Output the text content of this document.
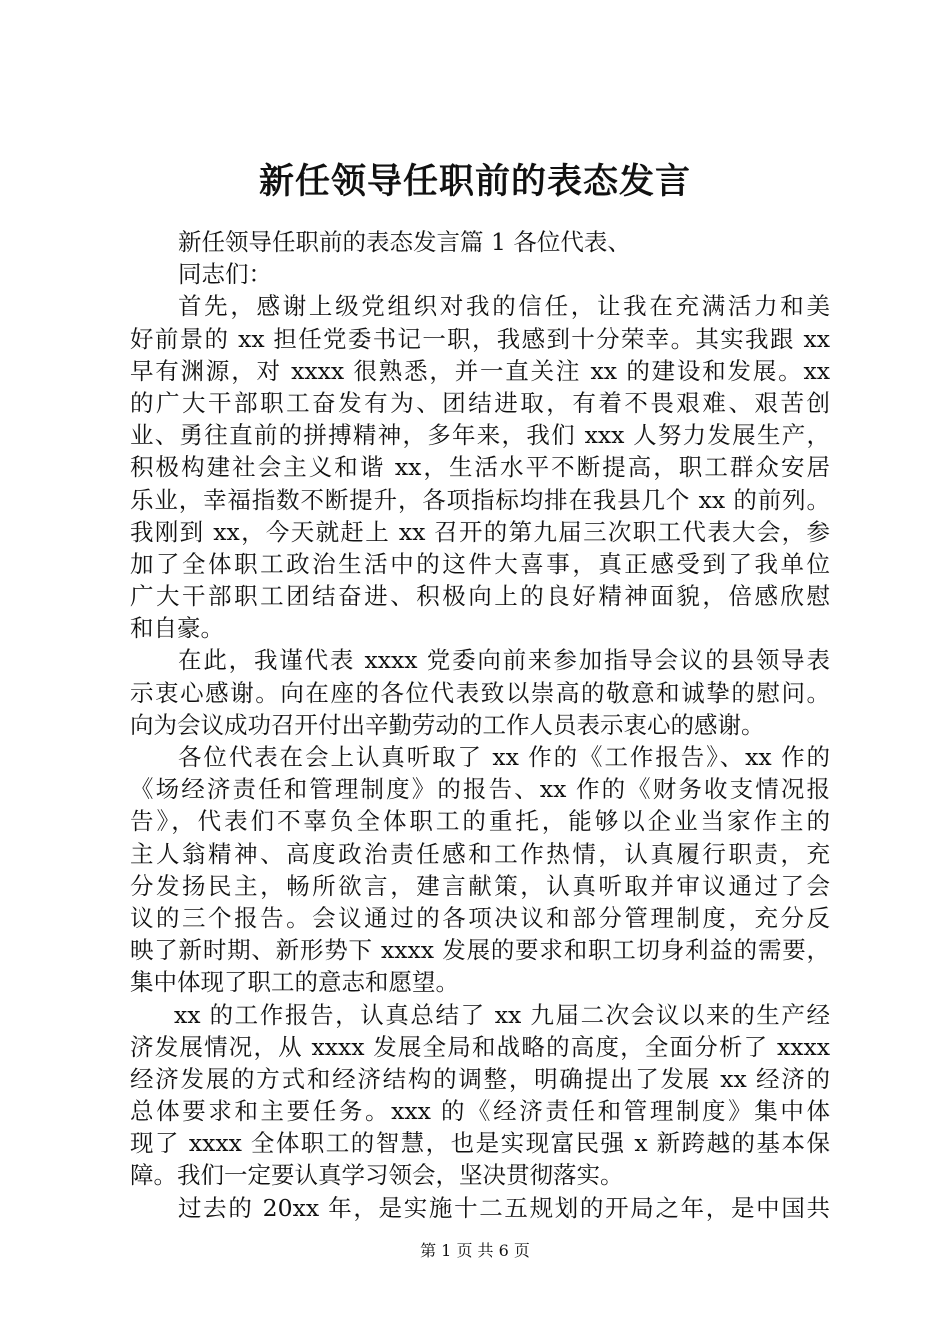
新任领导任职前的表态发言
新任领导任职前的表态发言篇 1 各位代表、
同志们：
首先，感谢上级党组织对我的信任，让我在充满活力和美
好前景的 xx 担任党委书记一职，我感到十分荣幸。其实我跟 xx
早有渊源，对 xxxx 很熟悉，并一直关注 xx 的建设和发展。xx
的广大干部职工奋发有为、团结进取，有着不畏艰难、艰苦创
业、勇往直前的拼搏精神，多年来，我们 xxx 人努力发展生产，
积极构建社会主义和谐 xx，生活水平不断提高，职工群众安居
乐业，幸福指数不断提升，各项指标均排在我县几个 xx 的前列。
我刚到 xx，今天就赶上 xx 召开的第九届三次职工代表大会，参
加了全体职工政治生活中的这件大喜事，真正感受到了我单位
广大干部职工团结奋进、积极向上的良好精神面貌，倍感欣慰
和自豪。
在此，我谨代表 xxxx 党委向前来参加指导会议的县领导表
示衷心感谢。向在座的各位代表致以崇高的敬意和诚挚的慰问。
向为会议成功召开付出辛勤劳动的工作人员表示衷心的感谢。
各位代表在会上认真听取了 xx 作的《工作报告》、xx 作的
《场经济责任和管理制度》的报告、xx 作的《财务收支情况报
告》，代表们不辜负全体职工的重托，能够以企业当家作主的
主人翁精神、高度政治责任感和工作热情，认真履行职责，充
分发扬民主，畅所欲言，建言献策，认真听取并审议通过了会
议的三个报告。会议通过的各项决议和部分管理制度，充分反
映了新时期、新形势下 xxxx 发展的要求和职工切身利益的需要，
集中体现了职工的意志和愿望。
xx 的工作报告，认真总结了 xx 九届二次会议以来的生产经
济发展情况，从 xxxx 发展全局和战略的高度，全面分析了 xxxx
经济发展的方式和经济结构的调整，明确提出了发展 xx 经济的
总体要求和主要任务。xxx 的《经济责任和管理制度》集中体
现了 xxxx 全体职工的智慧，也是实现富民强 x 新跨越的基本保
障。我们一定要认真学习领会，坚决贯彻落实。
过去的 20xx 年，是实施十二五规划的开局之年，是中国共
第 1 页 共 6 页
